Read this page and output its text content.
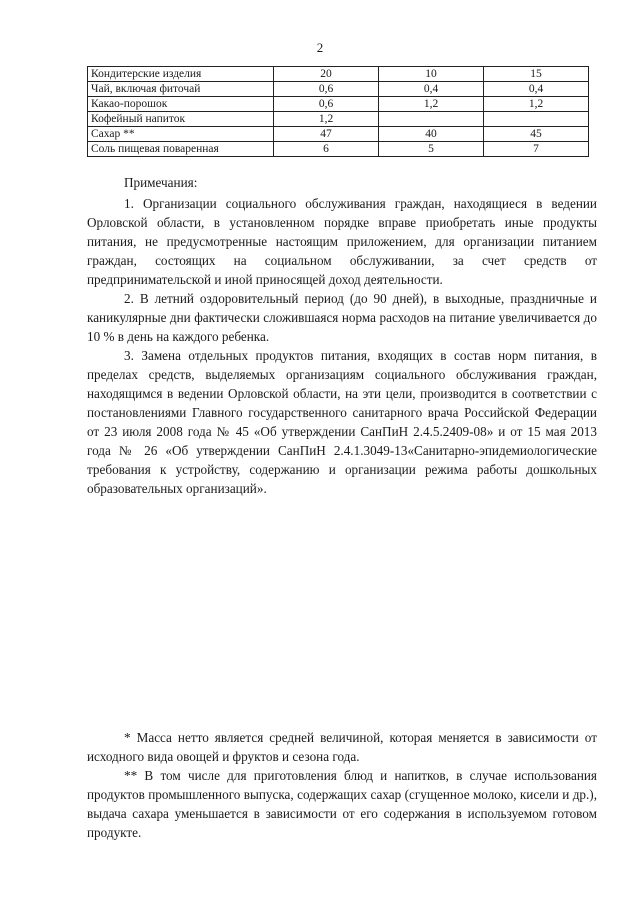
2
Кондитерские изделия	20	10	15
Чай, включая фиточай	0,6	0,4	0,4
Какао-порошок	0,6	1,2	1,2
Кофейный напиток	1,2		
Сахар **	47	40	45
Соль пищевая поваренная	6	5	7
Примечания:

1. Организации социального обслуживания граждан, находящиеся в ведении Орловской области, в установленном порядке вправе приобретать иные продукты питания, не предусмотренные настоящим приложением, для организации питанием граждан, состоящих на социальном обслуживании, за счет средств от предпринимательской и иной приносящей доход деятельности.

2. В летний оздоровительный период (до 90 дней), в выходные, праздничные и каникулярные дни фактически сложившаяся норма расходов на питание увеличивается до 10 % в день на каждого ребенка.

3. Замена отдельных продуктов питания, входящих в состав норм питания, в пределах средств, выделяемых организациям социального обслуживания граждан, находящимся в ведении Орловской области, на эти цели, производится в соответствии с постановлениями Главного государственного санитарного врача Российской Федерации от 23 июля 2008 года № 45 «Об утверждении СанПиН 2.4.5.2409-08» и от 15 мая 2013 года № 26 «Об утверждении СанПиН 2.4.1.3049-13«Санитарно-эпидемиологические требования к устройству, содержанию и организации режима работы дошкольных образовательных организаций».

* Масса нетто является средней величиной, которая меняется в зависимости от исходного вида овощей и фруктов и сезона года.

** В том числе для приготовления блюд и напитков, в случае использования продуктов промышленного выпуска, содержащих сахар (сгущенное молоко, кисели и др.), выдача сахара уменьшается в зависимости от его содержания в используемом готовом продукте.
